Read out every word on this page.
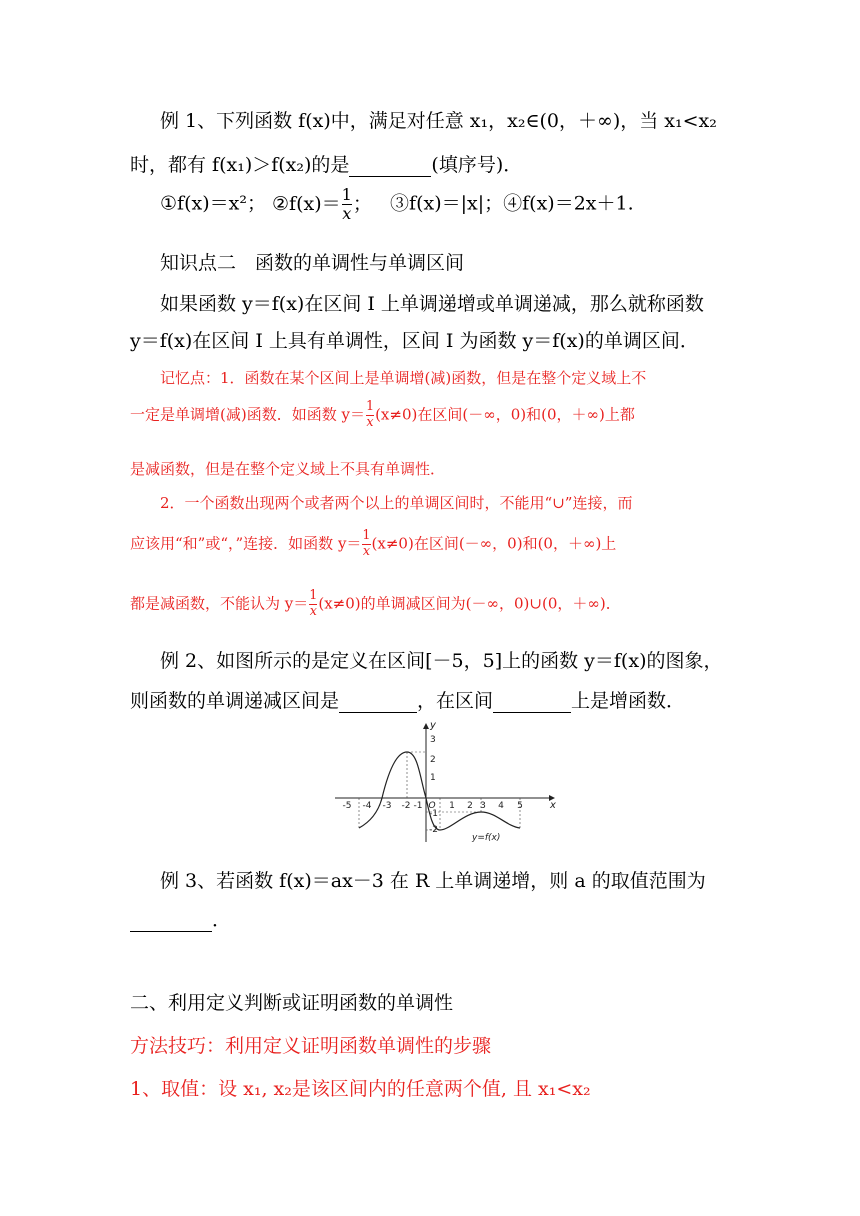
例 1、下列函数 f(x)中，满足对任意 x₁，x₂∈(0，＋∞)，当 x₁<x₂
时，都有 f(x₁)＞f(x₂)的是	(填序号)．
①f(x)＝x²； ②f(x)＝ $\frac{1}{x}$ ； ③f(x)＝|x|；④f(x)＝2x＋1.
知识点二　函数的单调性与单调区间
如果函数 y＝f(x)在区间 I 上单调递增或单调递减，那么就称函数
y＝f(x)在区间 I 上具有单调性，区间 I 为函数 y＝f(x)的单调区间．
记忆点：1．函数在某个区间上是单调增(减)函数，但是在整个定义域上不
一定是单调增(减)函数．如函数 $y= \frac{1}{x} (x\ne 0)$在区间(－∞，0)和(0，＋∞)上都
是减函数，但是在整个定义域上不具有单调性．
2．一个函数出现两个或者两个以上的单调区间时，不能用“∪”连接，而
应该用“和”或“，”连接．如函数 $y= \frac{1}{x} (x\ne 0)$在区间(－∞，0)和(0，＋∞)上
都是减函数，不能认为 $y= \frac{1}{x} (x\ne 0)$的单调减区间为(－∞，0)∪(0，＋∞)．
例 2、如图所示的是定义在区间[－5，5]上的函数 y＝f(x)的图象，
则函数的单调递减区间是	，在区间	上是增函数．
-5 -4 -3 -2 -1 O 1 2 3 4 5
3
2
1
-1
-2
x
y
y=f(x)
例 3、若函数 f(x)＝ax－3 在 R 上单调递增，则 a 的取值范围为
．
二、利用定义判断或证明函数的单调性
方法技巧：利用定义证明函数单调性的步骤
1、取值：设 x₁, x₂是该区间内的任意两个值, 且 x₁<x₂
